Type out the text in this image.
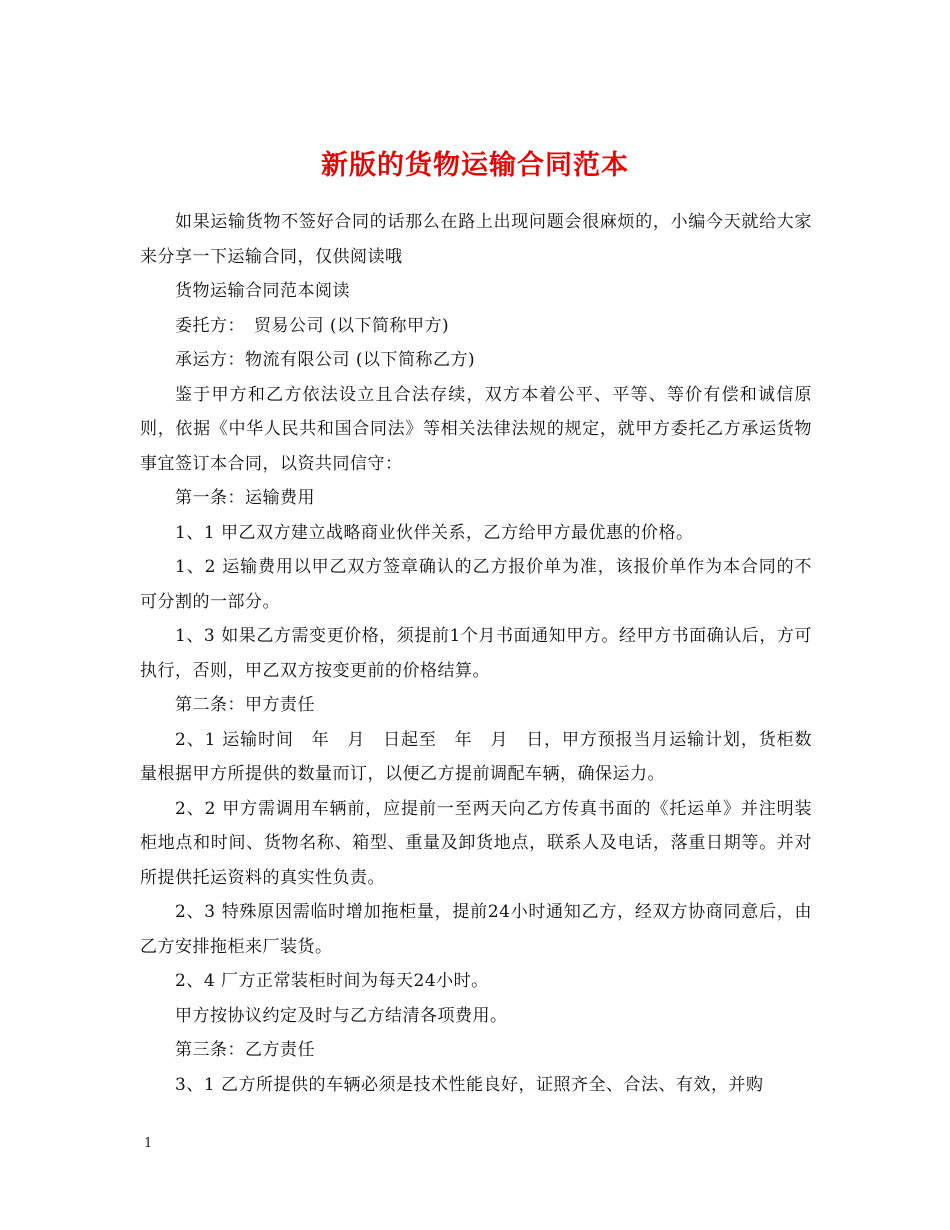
新版的货物运输合同范本

如果运输货物不签好合同的话那么在路上出现问题会很麻烦的，小编今天就给大家来分享一下运输合同，仅供阅读哦

货物运输合同范本阅读

委托方：　贸易公司 (以下简称甲方)

承运方：物流有限公司 (以下简称乙方)

鉴于甲方和乙方依法设立且合法存续，双方本着公平、平等、等价有偿和诚信原则，依据《中华人民共和国合同法》等相关法律法规的规定，就甲方委托乙方承运货物事宜签订本合同，以资共同信守：

第一条：运输费用

1、1 甲乙双方建立战略商业伙伴关系，乙方给甲方最优惠的价格。

1、2 运输费用以甲乙双方签章确认的乙方报价单为准，该报价单作为本合同的不可分割的一部分。

1、3 如果乙方需变更价格，须提前1个月书面通知甲方。经甲方书面确认后，方可执行，否则，甲乙双方按变更前的价格结算。

第二条：甲方责任

2、1 运输时间　年　月　日起至　年　月　日，甲方预报当月运输计划，货柜数量根据甲方所提供的数量而订，以便乙方提前调配车辆，确保运力。

2、2 甲方需调用车辆前，应提前一至两天向乙方传真书面的《托运单》并注明装柜地点和时间、货物名称、箱型、重量及卸货地点，联系人及电话，落重日期等。并对所提供托运资料的真实性负责。

2、3 特殊原因需临时增加拖柜量，提前24小时通知乙方，经双方协商同意后，由乙方安排拖柜来厂装货。

2、4 厂方正常装柜时间为每天24小时。

甲方按协议约定及时与乙方结清各项费用。

第三条：乙方责任

3、1 乙方所提供的车辆必须是技术性能良好，证照齐全、合法、有效，并购

1
